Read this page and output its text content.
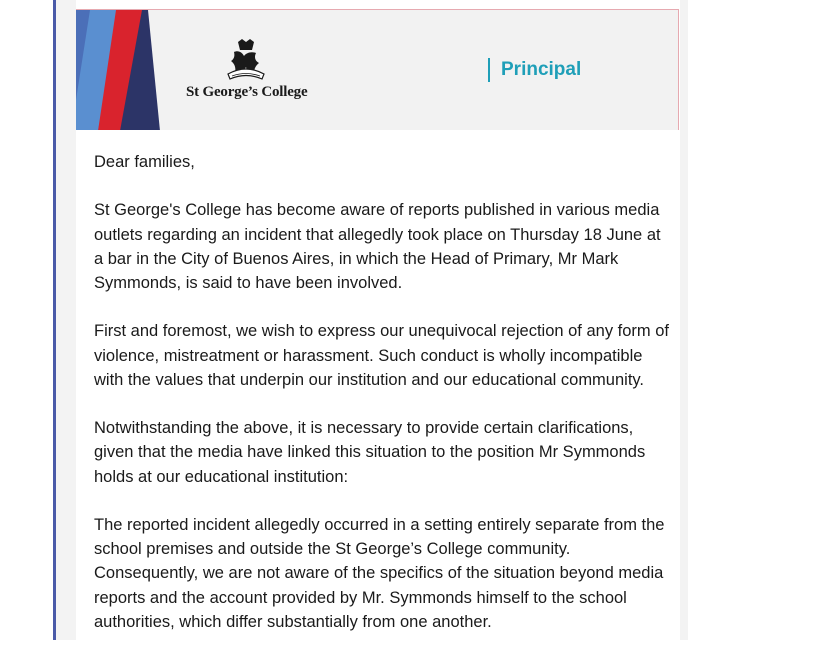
St George’s College
Principal

Dear families,

St George's College has become aware of reports published in various media outlets regarding an incident that allegedly took place on Thursday 18 June at a bar in the City of Buenos Aires, in which the Head of Primary, Mr Mark Symmonds, is said to have been involved.

First and foremost, we wish to express our unequivocal rejection of any form of violence, mistreatment or harassment. Such conduct is wholly incompatible with the values that underpin our institution and our educational community.

Notwithstanding the above, it is necessary to provide certain clarifications, given that the media have linked this situation to the position Mr Symmonds holds at our educational institution:

The reported incident allegedly occurred in a setting entirely separate from the school premises and outside the St George’s College community. Consequently, we are not aware of the specifics of the situation beyond media reports and the account provided by Mr. Symmonds himself to the school authorities, which differ substantially from one another.
